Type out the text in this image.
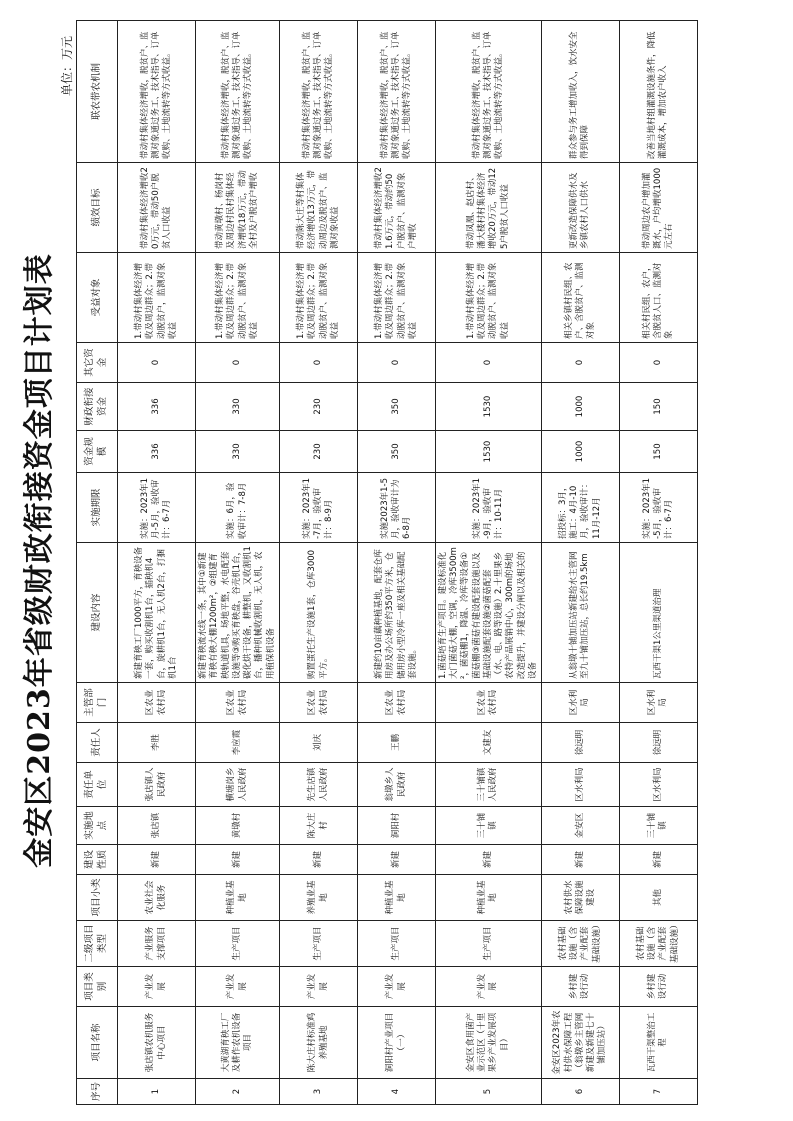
金安区2023年省级财政衔接资金项目计划表
单位：万元
序号	项目名称	项目类别	二级项目类型	项目小类	建设性质	实施地点	责任单位	责任人	主管部门	建设内容	实施期限	资金规模	财政衔接资金	其它资金	受益对象	绩效目标	联农带农机制
1	张店镇农机服务中心项目	产业发展	产业服务支撑项目	农业社会化服务	新建	张店镇	张店镇人民政府	李胜	区农业农村局	新建育秧工厂1000平方，育秧设备一套，购买收割机1台，插秧机4台，旋耕机1台，无人机2台，打捆机1台	实施：2023年1月-5月，验收审计：6-7月	336	336	0	1.带动村集体经济增收及周边群众；2.带动脱贫户，监测对象收益	带动村集体经济增收20万元，带动50户脱贫人口收益	带动村集体经济增收，脱贫户、监测对象通过务工、技术指导、订单收购、土地流转等方式收益。
2	大黄湖育秧工厂及耕作农机设备项目	产业发展	生产项目	种植业基地	新建	黄墩村	横塘岗乡人民政府	李应霞	区农业农村局	新建育秧流水线一条，其中①新建育秧有秧大棚1200m²，②组建育秧轨道机具，场地平整，水电配套设施等③购买育秧盘，谷壳机1台，碳化烘干设备，耕整机，又收割机1台，播种机械收割机，无人机，农用植保机设备	实施：6月，验收审计：7-8月	330	330	0	1.带动村集体经济增收及周边群众；2.带动脱贫户、监测对象收益	带动黄墩村、杨岗村及周边村民村集体经济增收18万元，带动全村及户脱贫户增收	带动村集体经济增收，脱贫户、监测对象通过务工、技术指导、订单收购、土地流转等方式收益。
3	陈大庄村标准鸡养殖基地	产业发展	生产项目	养殖业基地	新建	陈大庄村	先生店镇人民政府	刘庆	区农业农村局	购置蛋托生产设施1套，仓库3000平方。	实施：2023年1-7月，验收审计：8-9月	230	230	0	1.带动村集体经济增收及周边群众；2.带动脱贫户、监测对象收益	带动陈大庄等村集体经济增收13万元，带动周边及脱贫户、监测对象收益	带动村集体经济增收，脱贫户、监测对象通过务工、技术指导、订单收购、土地流转等方式收益。
4	洞阳村产业项目（一）	产业发展	生产项目	种植业基地	新建	洞阳村	翁墩乡人民政府	王鹏	区农业农村局	新建约10亩藕种植基地，配套仓库用房及办公场所约350平方米，仓储用房小型冷库一座及相关基础配套设施。	实施2023年1-5月，验收审计为6-8月	350	350	0	1.带动村集体经济增收及周边群众；2.带动脱贫户、监测对象收益	带动村集体经济增收21.6万元，带动约50户脱贫户、监测对象户增收	带动村集体经济增收，脱贫户、监测对象通过务工、技术指导、订单收购、土地流转等方式收益。
5	金安区食用菌产业示范区（十里果乡产业发展项目）	产业发展	生产项目	种植业基地	新建	三十铺镇	三十铺镇人民政府	文建友	区农业农村局	1.菌菇培育生产项目。建设标准化大门菌菇大棚，空调，冷库3500m²，菌菇棚1，降温、冷库等设备①菌菇棚③菌菇有建设配套设施以及基础设施配套设施②菌菇配套（水、电、路等设施）2.十里果乡农特产品展销中心，300m的场地改造提升，并建设分闸以及相关的设备	实施：2023年1-9月，验收审计：10-11月	1530	1530	0	1.带动村集体经济增收及周边群众；2.带动脱贫户、监测对象收益	带动凤凰、赵店村、潘大楼村村集体经济增收20万元，带动125户脱贫人口收益	带动村集体经济增收，脱贫户、监测对象通过务工、技术指导、订单收购、土地流转等方式收益。
6	金安区2023年农村供水保障工程（翁墩乡主管网新建及新建七十铺加压站）	乡村建设行动	农村基础设施（含产业配套基础设施）	农村供水保障设施建设	新建	金安区	区水利局	徐远明	区水利局	从翁墩十铺加压站新建给水主管网至九十铺加压站，总长约19.5km	招投标：3月，施工：4月-10月，验收审计：11月-12月	1000	1000	0	相关乡镇村民组、农户、含脱贫户、监测对象	更新改造保障供水及乡镇农村人口供水	群众参与务工增加收入，饮水安全得到保障
7	瓦西干渠整治工程	乡村建设行动	农村基础设施（含产业配套基础设施）	其他	新建	三十铺镇	区水利局	徐远明	区水利局	瓦西干渠1公里渠道治理	实施：2023年1-5月，验收审计：6-7月	150	150	0	相关村民组、农户，含脱贫人口、监测对象	带动周边农户增加灌溉水，户均增收1000元左右	改善当地村组灌溉设施条件，降低灌溉成本，增加农户收入
